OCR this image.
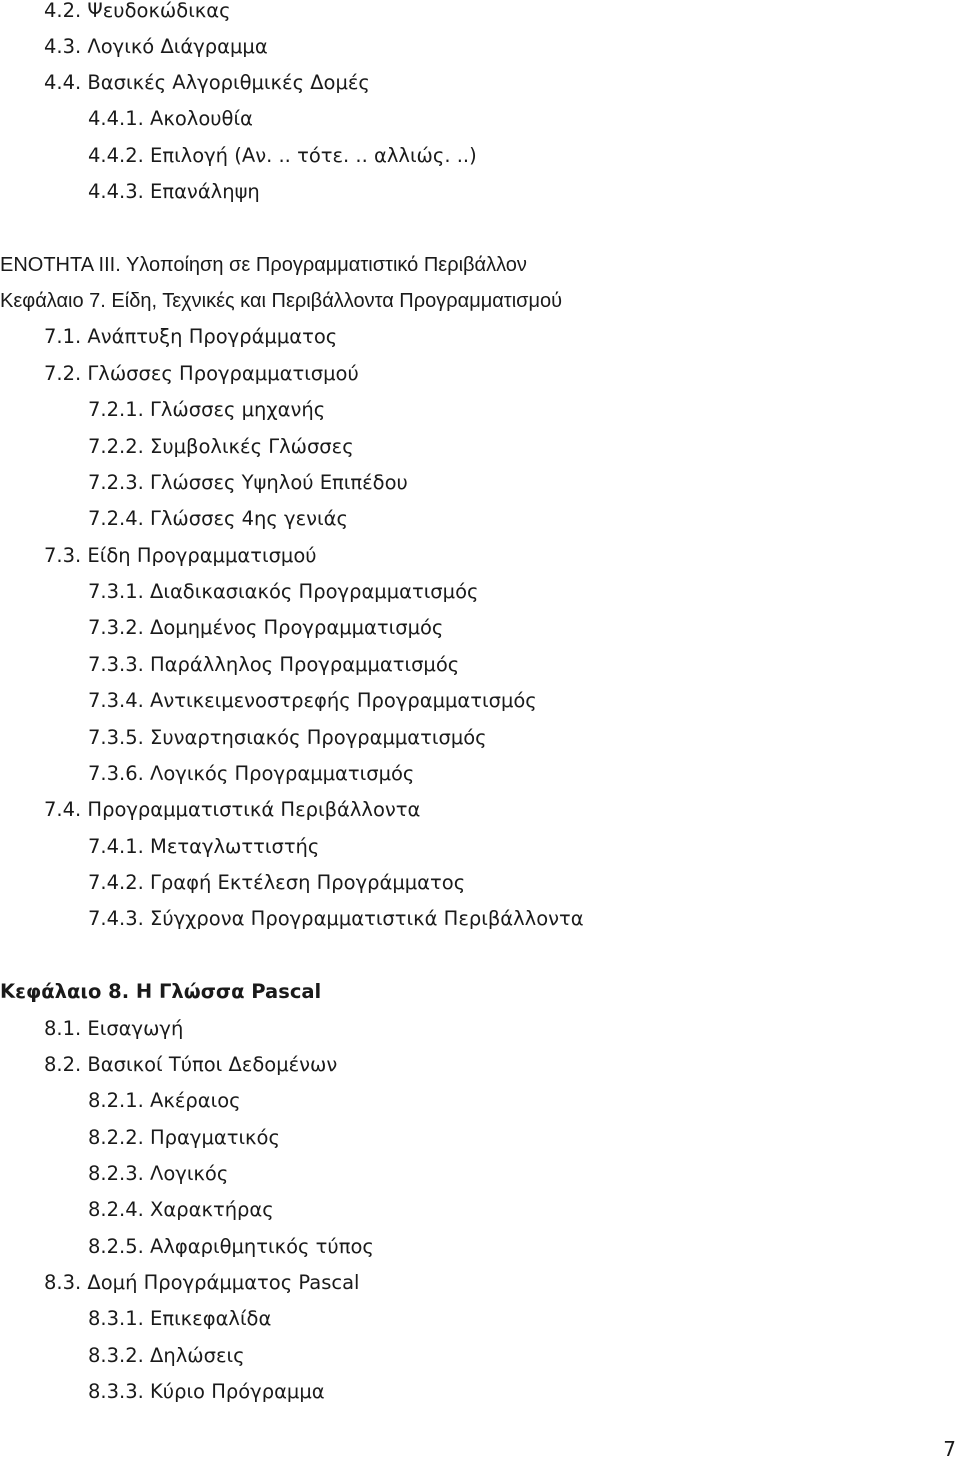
4.2. Ψευδοκώδικας
4.3. Λογικό Διάγραμμα
4.4. Βασικές Αλγοριθμικές Δομές
4.4.1. Ακολουθία
4.4.2. Επιλογή (Αν. .. τότε. .. αλλιώς. ..)
4.4.3. Επανάληψη
ΕΝΟΤΗΤΑ ΙΙΙ. Υλοποίηση σε Προγραμματιστικό Περιβάλλον
Κεφάλαιο 7. Είδη, Τεχνικές και Περιβάλλοντα Προγραμματισμού
7.1. Ανάπτυξη Προγράμματος
7.2. Γλώσσες Προγραμματισμού
7.2.1. Γλώσσες μηχανής
7.2.2. Συμβολικές Γλώσσες
7.2.3. Γλώσσες Υψηλού Επιπέδου
7.2.4. Γλώσσες 4ης γενιάς
7.3. Είδη Προγραμματισμού
7.3.1. Διαδικασιακός Προγραμματισμός
7.3.2. Δομημένος Προγραμματισμός
7.3.3. Παράλληλος Προγραμματισμός
7.3.4. Αντικειμενοστρεφής Προγραμματισμός
7.3.5. Συναρτησιακός Προγραμματισμός
7.3.6. Λογικός Προγραμματισμός
7.4. Προγραμματιστικά Περιβάλλοντα
7.4.1. Μεταγλωττιστής
7.4.2. Γραφή Εκτέλεση Προγράμματος
7.4.3. Σύγχρονα Προγραμματιστικά Περιβάλλοντα
Κεφάλαιο 8. Η Γλώσσα Pascal
8.1. Εισαγωγή
8.2. Βασικοί Τύποι Δεδομένων
8.2.1. Ακέραιος
8.2.2. Πραγματικός
8.2.3. Λογικός
8.2.4. Χαρακτήρας
8.2.5. Αλφαριθμητικός τύπος
8.3. Δομή Προγράμματος Pascal
8.3.1. Επικεφαλίδα
8.3.2. Δηλώσεις
8.3.3. Κύριο Πρόγραμμα
7
